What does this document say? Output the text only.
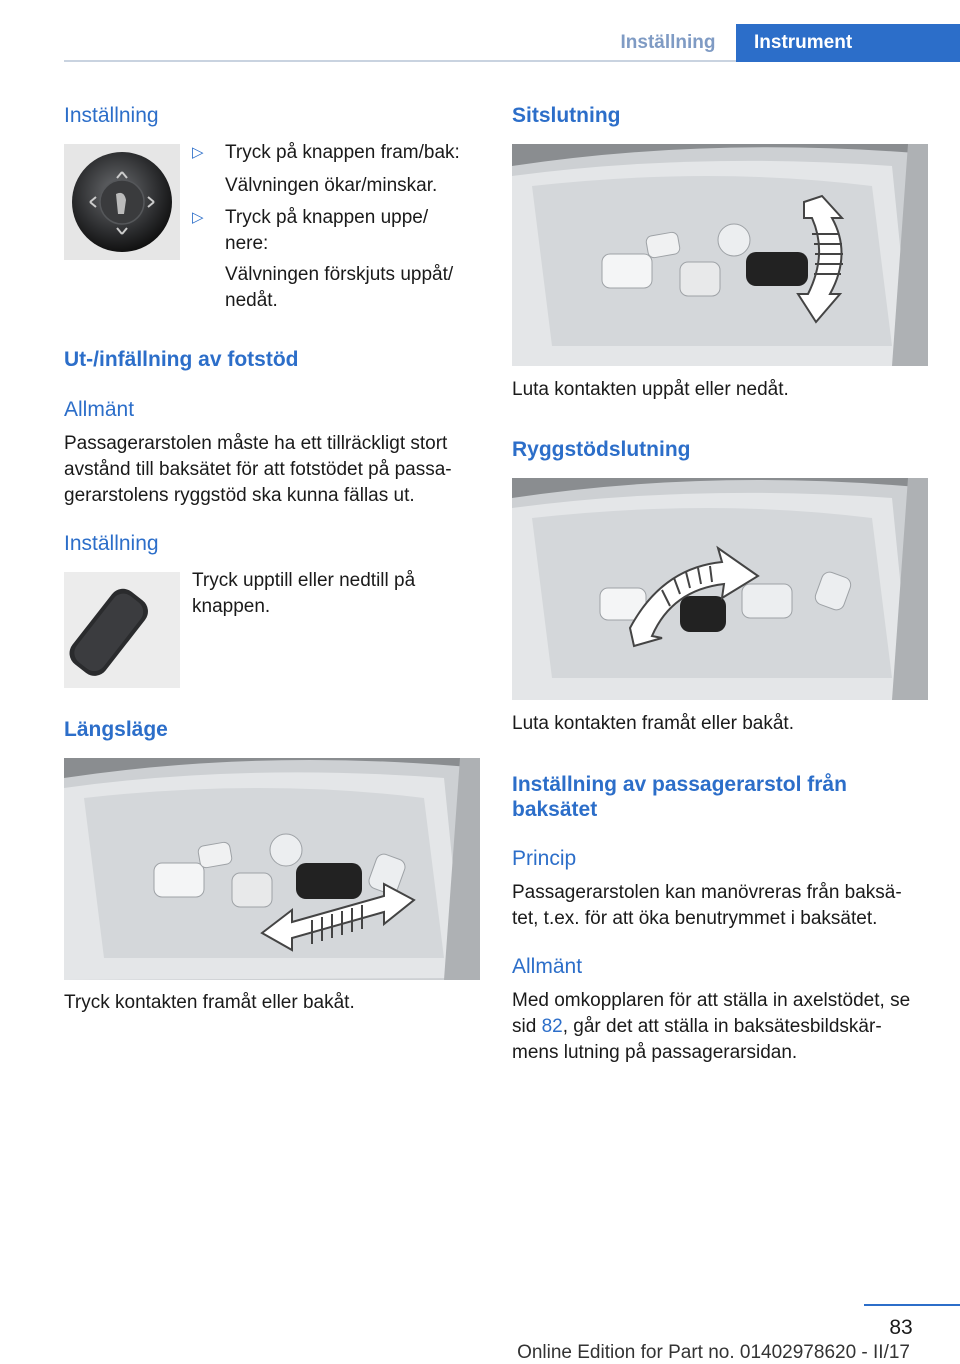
Inställning	Instrument
Inställning
▷ Tryck på knappen fram/bak:
Välvningen ökar/minskar.
▷ Tryck på knappen uppe/
nere:
Välvningen förskjuts uppåt/
nedåt.
Ut-/infällning av fotstöd
Allmänt

Passagerarstolen måste ha ett tillräckligt stort avstånd till baksätet för att fotstödet på passa-gerarstolens ryggstöd ska kunna fällas ut.

Inställning

Tryck upptill eller nedtill på knappen.

Längsläge

Tryck kontakten framåt eller bakåt.

Sitslutning

Luta kontakten uppåt eller nedåt.

Ryggstödslutning

Luta kontakten framåt eller bakåt.

Inställning av passagerarstol från baksätet
Princip

Passagerarstolen kan manövreras från baksä-tet, t.ex. för att öka benutrymmet i baksätet.

Allmänt

Med omkopplaren för att ställa in axelstödet, se sid 82, går det att ställa in baksätesbildskär-mens lutning på passagerarsidan.

83
Online Edition for Part no. 01402978620 - II/17
